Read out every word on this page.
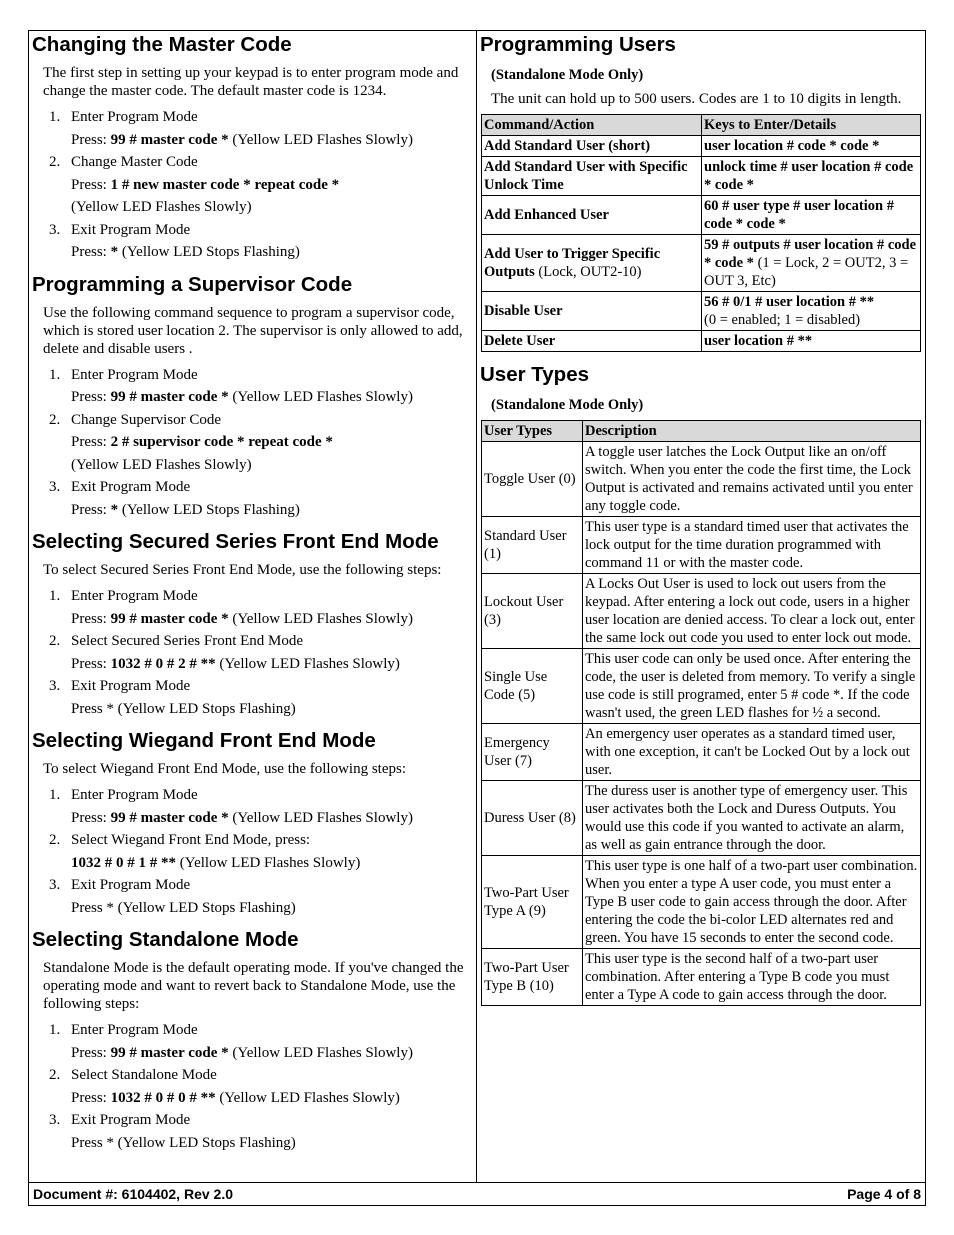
Changing the Master Code

The first step in setting up your keypad is to enter program mode and change the master code. The default master code is 1234.

1. Enter Program Mode
Press: 99 # master code * (Yellow LED Flashes Slowly)
2. Change Master Code
Press: 1 # new master code * repeat code *
(Yellow LED Flashes Slowly)
3. Exit Program Mode
Press: * (Yellow LED Stops Flashing)
Programming a Supervisor Code

Use the following command sequence to program a supervisor code, which is stored user location 2. The supervisor is only allowed to add, delete and disable users .

1. Enter Program Mode
Press: 99 # master code * (Yellow LED Flashes Slowly)
2. Change Supervisor Code
Press: 2 # supervisor code * repeat code *
(Yellow LED Flashes Slowly)
3. Exit Program Mode
Press: * (Yellow LED Stops Flashing)
Selecting Secured Series Front End Mode

To select Secured Series Front End Mode, use the following steps:

1. Enter Program Mode
Press: 99 # master code * (Yellow LED Flashes Slowly)
2. Select Secured Series Front End Mode
Press: 1032 # 0 # 2 # ** (Yellow LED Flashes Slowly)
3. Exit Program Mode
Press * (Yellow LED Stops Flashing)
Selecting Wiegand Front End Mode

To select Wiegand Front End Mode, use the following steps:

1. Enter Program Mode
Press: 99 # master code * (Yellow LED Flashes Slowly)
2. Select Wiegand Front End Mode, press:
1032 # 0 # 1 # ** (Yellow LED Flashes Slowly)
3. Exit Program Mode
Press * (Yellow LED Stops Flashing)
Selecting Standalone Mode

Standalone Mode is the default operating mode. If you've changed the operating mode and want to revert back to Standalone Mode, use the following steps:

1. Enter Program Mode
Press: 99 # master code * (Yellow LED Flashes Slowly)
2. Select Standalone Mode
Press: 1032 # 0 # 0 # ** (Yellow LED Flashes Slowly)
3. Exit Program Mode
Press * (Yellow LED Stops Flashing)
Programming Users
(Standalone Mode Only)

The unit can hold up to 500 users. Codes are 1 to 10 digits in length.

Command/Action	Keys to Enter/Details
Add Standard User (short)	user location # code * code *
Add Standard User with Specific Unlock Time	unlock time # user location # code * code *
Add Enhanced User	60 # user type # user location # code * code *
Add User to Trigger Specific Outputs (Lock, OUT2-10)	59 # outputs # user location # code * code * (1 = Lock, 2 = OUT2, 3 = OUT 3, Etc)
Disable User	56 # 0/1 # user location # **
(0 = enabled; 1 = disabled)
Delete User	user location # **
User Types
(Standalone Mode Only)
User Types	Description
Toggle User (0)	A toggle user latches the Lock Output like an on/off switch. When you enter the code the first time, the Lock Output is activated and remains activated until you enter any toggle code.
Standard User (1)	This user type is a standard timed user that activates the lock output for the time duration programmed with command 11 or with the master code.
Lockout User (3)	A Locks Out User is used to lock out users from the keypad. After entering a lock out code, users in a higher user location are denied access. To clear a lock out, enter the same lock out code you used to enter lock out mode.
Single Use Code (5)	This user code can only be used once. After entering the code, the user is deleted from memory. To verify a single use code is still programed, enter 5 # code *. If the code wasn't used, the green LED flashes for ½ a second.
Emergency User (7)	An emergency user operates as a standard timed user, with one exception, it can't be Locked Out by a lock out user.
Duress User (8)	The duress user is another type of emergency user. This user activates both the Lock and Duress Outputs. You would use this code if you wanted to activate an alarm, as well as gain entrance through the door.
Two-Part User Type A (9)	This user type is one half of a two-part user combination. When you enter a type A user code, you must enter a Type B user code to gain access through the door. After entering the code the bi-color LED alternates red and green. You have 15 seconds to enter the second code.
Two-Part User Type B (10)	This user type is the second half of a two-part user combination. After entering a Type B code you must enter a Type A code to gain access through the door.
Document #: 6104402, Rev 2.0	Page 4 of 8
